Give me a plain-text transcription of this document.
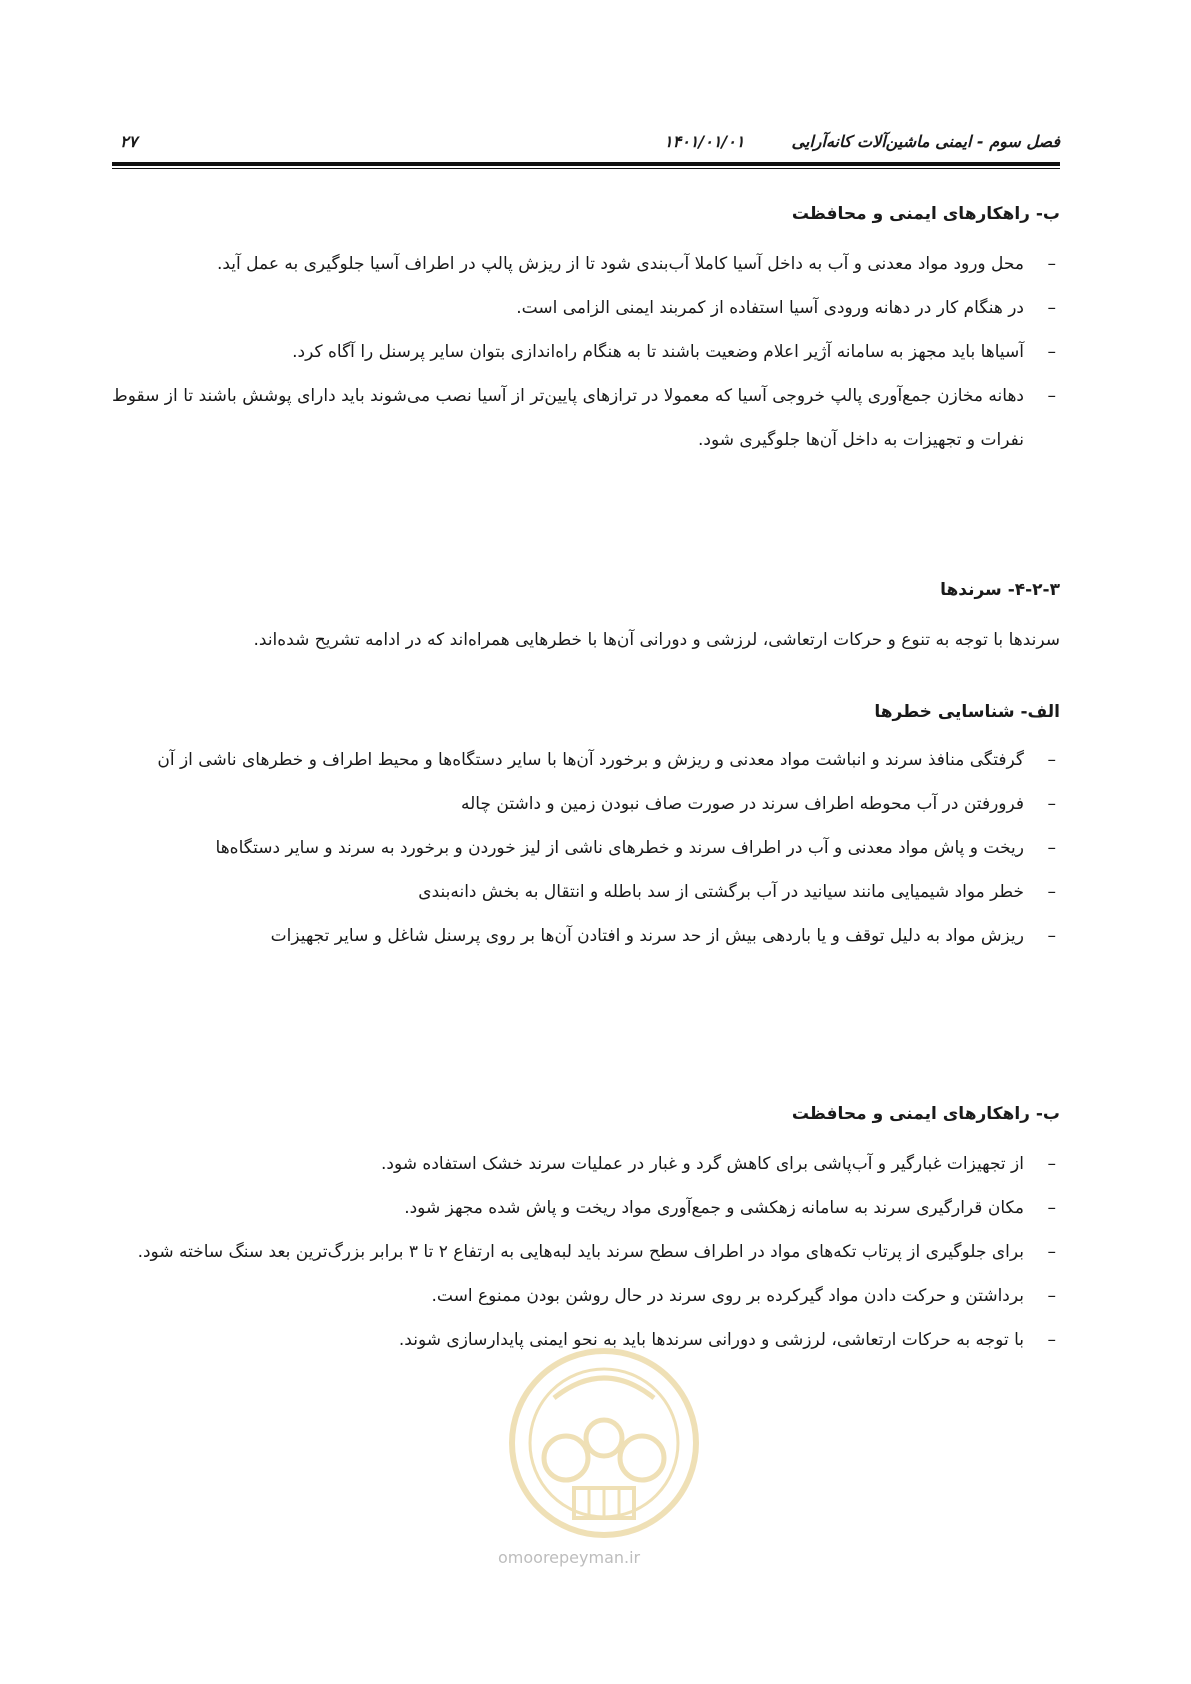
فصل سوم - ایمنی ماشین‌آلات کانه‌آرایی
۱۴۰۱/۰۱/۰۱
۲۷
ب- راهکارهای ایمنی و محافظت
–
محل ورود مواد معدنی و آب به داخل آسیا کاملا آب‌بندی شود تا از ریزش پالپ در اطراف آسیا جلوگیری به عمل آید.
–
در هنگام کار در دهانه ورودی آسیا استفاده از کمربند ایمنی الزامی است.
–
آسیاها باید مجهز به سامانه آژیر اعلام وضعیت باشند تا به هنگام راه‌اندازی بتوان سایر پرسنل را آگاه کرد.
–
دهانه مخازن جمع‌آوری پالپ خروجی آسیا که معمولا در ترازهای پایین‌تر از آسیا نصب می‌شوند باید دارای پوشش باشند تا از سقوط نفرات و تجهیزات به داخل آن‌ها جلوگیری شود.
۴-۲-۳- سرندها
سرندها با توجه به تنوع و حرکات ارتعاشی، لرزشی و دورانی آن‌ها با خطرهایی همراه‌اند که در ادامه تشریح شده‌اند.
الف- شناسایی خطرها
–
گرفتگی منافذ سرند و انباشت مواد معدنی و ریزش و برخورد آن‌ها با سایر دستگاه‌ها و محیط اطراف و خطرهای ناشی از آن
–
فرورفتن در آب محوطه اطراف سرند در صورت صاف نبودن زمین و داشتن چاله
–
ریخت و پاش مواد معدنی و آب در اطراف سرند و خطرهای ناشی از لیز خوردن و برخورد به سرند و سایر دستگاه‌ها
–
خطر مواد شیمیایی مانند سیانید در آب برگشتی از سد باطله و انتقال به بخش دانه‌بندی
–
ریزش مواد به دلیل توقف و یا باردهی بیش از حد سرند و افتادن آن‌ها بر روی پرسنل شاغل و سایر تجهیزات
ب- راهکارهای ایمنی و محافظت
–
از تجهیزات غبارگیر و آب‌پاشی برای کاهش گرد و غبار در عملیات سرند خشک استفاده شود.
–
مکان قرارگیری سرند به سامانه زهکشی و جمع‌آوری مواد ریخت و پاش شده مجهز شود.
–
برای جلوگیری از پرتاب تکه‌های مواد در اطراف سطح سرند باید لبه‌هایی به ارتفاع ۲ تا ۳ برابر بزرگ‌ترین بعد سنگ ساخته شود.
–
برداشتن و حرکت دادن مواد گیرکرده بر روی سرند در حال روشن بودن ممنوع است.
–
با توجه به حرکات ارتعاشی، لرزشی و دورانی سرندها باید به نحو ایمنی پایدارسازی شوند.
omoorepeyman.ir
